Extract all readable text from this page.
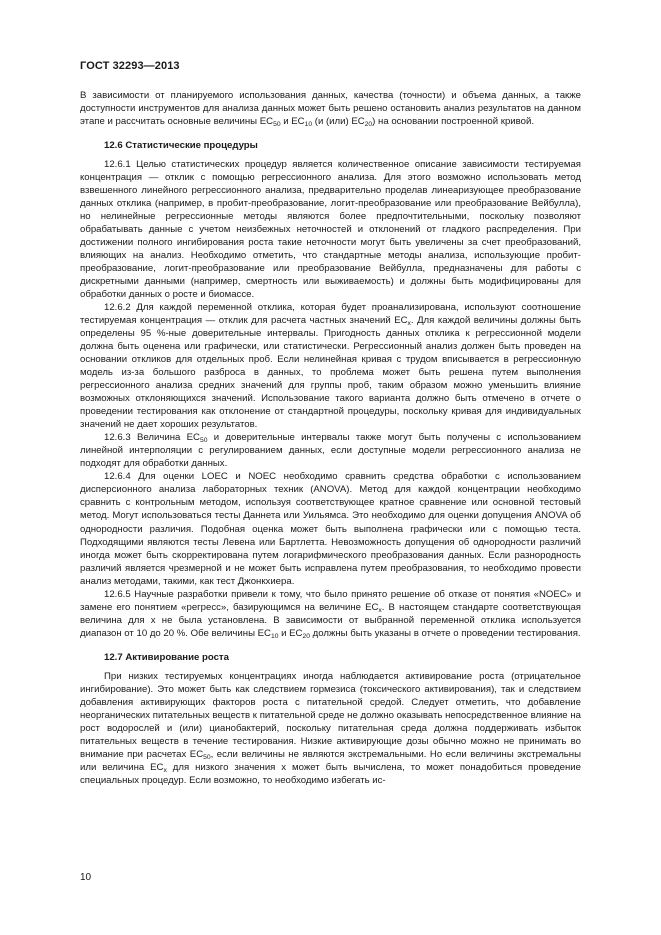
ГОСТ 32293—2013

В зависимости от планируемого использования данных, качества (точности) и объема данных, а также доступности инструментов для анализа данных может быть решено остановить анализ результатов на данном этапе и рассчитать основные величины $EC_{50}$ и $EC_{10}$ (и (или) $EC_{20}$) на основании построенной кривой.

12.6 Статистические процедуры

12.6.1 Целью статистических процедур является количественное описание зависимости тестируемая концентрация — отклик с помощью регрессионного анализа. Для этого возможно использовать метод взвешенного линейного регрессионного анализа, предварительно проделав линеаризующее преобразование данных отклика (например, в пробит-преобразование, логит-преобразование или преобразование Вейбулла), но нелинейные регрессионные методы являются более предпочтительными, поскольку позволяют обрабатывать данные с учетом неизбежных неточностей и отклонений от гладкого распределения. При достижении полного ингибирования роста такие неточности могут быть увеличены за счет преобразований, влияющих на анализ. Необходимо отметить, что стандартные методы анализа, использующие пробит-преобразование, логит-преобразование или преобразование Вейбулла, предназначены для работы с дискретными данными (например, смертность или выживаемость) и должны быть модифицированы для обработки данных о росте и биомассе.

12.6.2 Для каждой переменной отклика, которая будет проанализирована, используют соотношение тестируемая концентрация — отклик для расчета частных значений $EC_x$. Для каждой величины должны быть определены 95 %-ные доверительные интервалы. Пригодность данных отклика к регрессионной модели должна быть оценена или графически, или статистически. Регрессионный анализ должен быть проведен на основании откликов для отдельных проб. Если нелинейная кривая с трудом вписывается в регрессионную модель из-за большого разброса в данных, то проблема может быть решена путем выполнения регрессионного анализа средних значений для группы проб, таким образом можно уменьшить влияние возможных отклоняющихся значений. Использование такого варианта должно быть отмечено в отчете о проведении тестирования как отклонение от стандартной процедуры, поскольку кривая для индивидуальных значений не дает хороших результатов.

12.6.3 Величина $EC_{50}$ и доверительные интервалы также могут быть получены с использованием линейной интерполяции с регулированием данных, если доступные модели регрессионного анализа не подходят для обработки данных.

12.6.4 Для оценки LOEC и NOEC необходимо сравнить средства обработки с использованием дисперсионного анализа лабораторных техник (ANOVA). Метод для каждой концентрации необходимо сравнить с контрольным методом, используя соответствующее кратное сравнение или основной тестовый метод. Могут использоваться тесты Даннета или Уильямса. Это необходимо для оценки допущения ANOVA об однородности различия. Подобная оценка может быть выполнена графически или с помощью теста. Подходящими являются тесты Левена или Бартлетта. Невозможность допущения об однородности различий иногда может быть скорректирована путем логарифмического преобразования данных. Если разнородность различий является чрезмерной и не может быть исправлена путем преобразования, то необходимо провести анализ методами, такими, как тест Джонкхиера.

12.6.5 Научные разработки привели к тому, что было принято решение об отказе от понятия «NOEC» и замене его понятием «регресс», базирующимся на величине $EC_x$. В настоящем стандарте соответствующая величина для x не была установлена. В зависимости от выбранной переменной отклика используется диапазон от 10 до 20 %. Обе величины $EC_{10}$ и $EC_{20}$ должны быть указаны в отчете о проведении тестирования.

12.7 Активирование роста

При низких тестируемых концентрациях иногда наблюдается активирование роста (отрицательное ингибирование). Это может быть как следствием гормезиса (токсического активирования), так и следствием добавления активирующих факторов роста с питательной средой. Следует отметить, что добавление неорганических питательных веществ к питательной среде не должно оказывать непосредственное влияние на рост водорослей и (или) цианобактерий, поскольку питательная среда должна поддерживать избыток питательных веществ в течение тестирования. Низкие активирующие дозы обычно можно не принимать во внимание при расчетах $EC_{50}$, если величины не являются экстремальными. Но если величины экстремальны или величина $EC_x$ для низкого значения x может быть вычислена, то может понадобиться проведение специальных процедур. Если возможно, то необходимо избегать ис-

10
